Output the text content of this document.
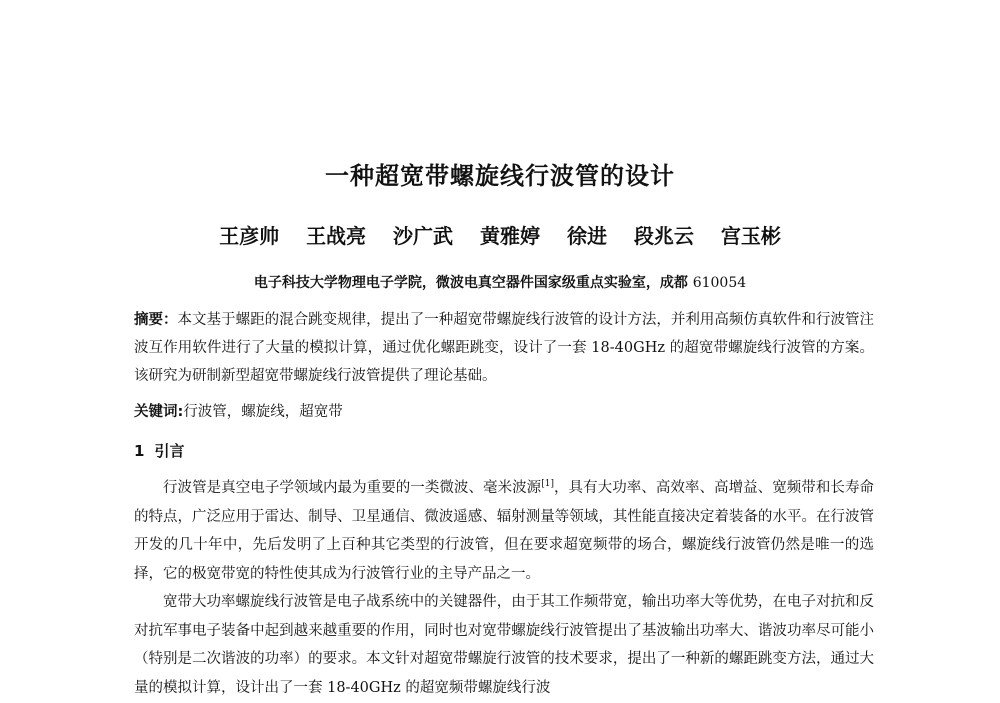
一种超宽带螺旋线行波管的设计
王彦帅 王战亮 沙广武 黄雅婷 徐进 段兆云 宫玉彬
电子科技大学物理电子学院，微波电真空器件国家级重点实验室，成都 610054
摘要：本文基于螺距的混合跳变规律，提出了一种超宽带螺旋线行波管的设计方法，并利用高频仿真软件和行波管注波互作用软件进行了大量的模拟计算，通过优化螺距跳变，设计了一套 18-40GHz 的超宽带螺旋线行波管的方案。该研究为研制新型超宽带螺旋线行波管提供了理论基础。
关键词:行波管，螺旋线，超宽带
1 引言

行波管是真空电子学领域内最为重要的一类微波、毫米波源[1]，具有大功率、高效率、高增益、宽频带和长寿命的特点，广泛应用于雷达、制导、卫星通信、微波遥感、辐射测量等领域，其性能直接决定着装备的水平。在行波管开发的几十年中，先后发明了上百种其它类型的行波管，但在要求超宽频带的场合，螺旋线行波管仍然是唯一的选择，它的极宽带宽的特性使其成为行波管行业的主导产品之一。

宽带大功率螺旋线行波管是电子战系统中的关键器件，由于其工作频带宽，输出功率大等优势，在电子对抗和反对抗军事电子装备中起到越来越重要的作用，同时也对宽带螺旋线行波管提出了基波输出功率大、谐波功率尽可能小（特别是二次谐波的功率）的要求。本文针对超宽带螺旋行波管的技术要求，提出了一种新的螺距跳变方法，通过大量的模拟计算，设计出了一套 18-40GHz 的超宽频带螺旋线行波
